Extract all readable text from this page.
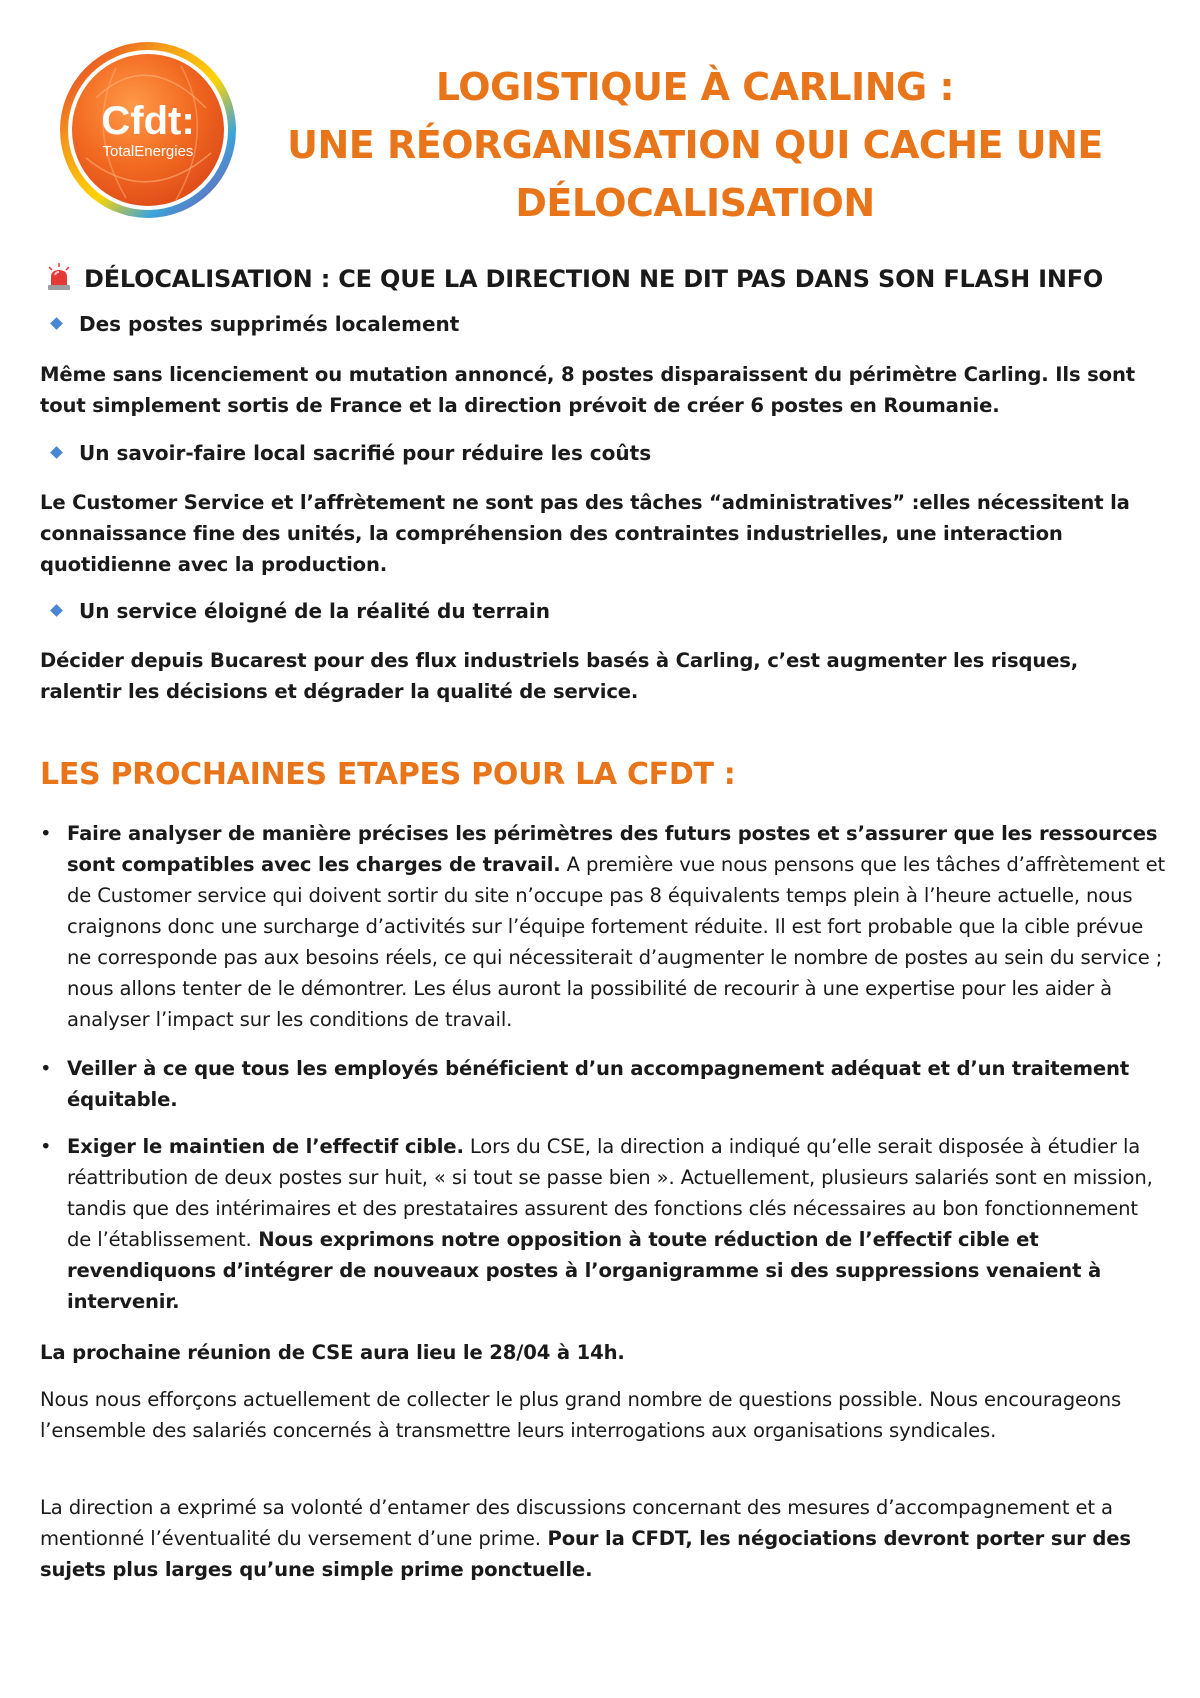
Cfdt:
TotalEnergies
LOGISTIQUE À CARLING :
UNE RÉORGANISATION QUI CACHE UNE
DÉLOCALISATION
DÉLOCALISATION : CE QUE LA DIRECTION NE DIT PAS DANS SON FLASH INFO
Des postes supprimés localement
Même sans licenciement ou mutation annoncé, 8 postes disparaissent du périmètre Carling. Ils sont tout simplement sortis de France et la direction prévoit de créer 6 postes en Roumanie.
Un savoir-faire local sacrifié pour réduire les coûts
Le Customer Service et l’affrètement ne sont pas des tâches “administratives” :elles nécessitent la connaissance fine des unités, la compréhension des contraintes industrielles, une interaction quotidienne avec la production.
Un service éloigné de la réalité du terrain
Décider depuis Bucarest pour des flux industriels basés à Carling, c’est augmenter les risques, ralentir les décisions et dégrader la qualité de service.
LES PROCHAINES ETAPES POUR LA CFDT :
• Faire analyser de manière précises les périmètres des futurs postes et s’assurer que les ressources sont compatibles avec les charges de travail. A première vue nous pensons que les tâches d’affrètement et de Customer service qui doivent sortir du site n’occupe pas 8 équivalents temps plein à l’heure actuelle, nous craignons donc une surcharge d’activités sur l’équipe fortement réduite. Il est fort probable que la cible prévue ne corresponde pas aux besoins réels, ce qui nécessiterait d’augmenter le nombre de postes au sein du service ; nous allons tenter de le démontrer. Les élus auront la possibilité de recourir à une expertise pour les aider à analyser l’impact sur les conditions de travail.
• Veiller à ce que tous les employés bénéficient d’un accompagnement adéquat et d’un traitement équitable.
• Exiger le maintien de l’effectif cible. Lors du CSE, la direction a indiqué qu’elle serait disposée à étudier la réattribution de deux postes sur huit, « si tout se passe bien ». Actuellement, plusieurs salariés sont en mission, tandis que des intérimaires et des prestataires assurent des fonctions clés nécessaires au bon fonctionnement de l’établissement. Nous exprimons notre opposition à toute réduction de l’effectif cible et revendiquons d’intégrer de nouveaux postes à l’organigramme si des suppressions venaient à intervenir.
La prochaine réunion de CSE aura lieu le 28/04 à 14h.
Nous nous efforçons actuellement de collecter le plus grand nombre de questions possible. Nous encourageons l’ensemble des salariés concernés à transmettre leurs interrogations aux organisations syndicales.
La direction a exprimé sa volonté d’entamer des discussions concernant des mesures d’accompagnement et a mentionné l’éventualité du versement d’une prime. Pour la CFDT, les négociations devront porter sur des sujets plus larges qu’une simple prime ponctuelle.
